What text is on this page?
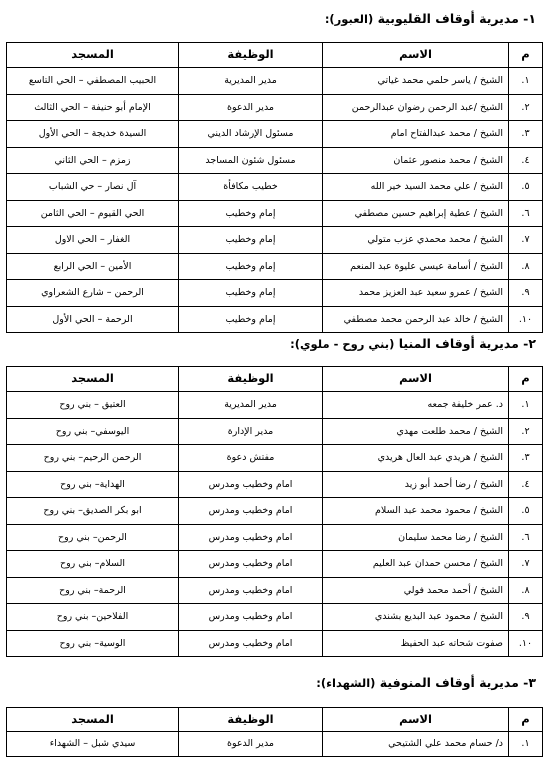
١- مديرية أوقاف القليوبية (العبور):
م	الاسم	الوظيفة	المسجد
١.	الشيخ / ياسر حلمي محمد غياتي	مدير المديرية	الحبيب المصطفي – الحي التاسع
٢.	الشيخ /عبد الرحمن رضوان عبدالرحمن	مدير الدعوة	الإمام أبو حنيفة – الحي الثالث
٣.	الشيخ / محمد عبدالفتاح امام	مسئول الإرشاد الديني	السيدة خديجة – الحي الأول
٤.	الشيخ / محمد منصور عثمان	مسئول شئون المساجد	زمزم – الحي الثاني
٥.	الشيخ / علي محمد السيد خير الله	خطيب مكافأة	آل نصار – حي الشباب
٦.	الشيخ / عطية إبراهيم حسين مصطفي	إمام وخطيب	الحي القيوم – الحي الثامن
٧.	الشيخ / محمد محمدي عزب متولي	إمام وخطيب	الغفار – الحي الاول
٨.	الشيخ / أسامة عيسي عليوة عبد المنعم	إمام وخطيب	الأمين – الحي الرابع
٩.	الشيخ / عمرو سعيد عبد العزيز محمد	إمام وخطيب	الرحمن – شارع الشعراوي
١٠.	الشيخ / خالد عبد الرحمن محمد مصطفي	إمام وخطيب	الرحمة – الحي الأول
٢- مديرية أوقاف المنيا (بني روح - ملوي):
م	الاسم	الوظيفة	المسجد
١.	د. عمر خليفة جمعه	مدير المديرية	العتيق – بني روح
٢.	الشيخ / محمد طلعت مهدي	مدير الإدارة	اليوسفي– بني روح
٣.	الشيخ / هريدي عبد العال هريدي	مفتش دعوة	الرحمن الرحيم– بني روح
٤.	الشيخ / رضا أحمد أبو زيد	امام وخطيب ومدرس	الهداية– بني روح
٥.	الشيخ / محمود محمد عبد السلام	امام وخطيب ومدرس	ابو بكر الصديق– بني روح
٦.	الشيخ / رضا محمد سليمان	امام وخطيب ومدرس	الرحمن– بني روح
٧.	الشيخ / محسن حمدان عبد العليم	امام وخطيب ومدرس	السلام– بني روح
٨.	الشيخ / أحمد محمد فولي	امام وخطيب ومدرس	الرحمة– بني روح
٩.	الشيخ / محمود عبد البديع بشندي	امام وخطيب ومدرس	الفلاحين– بني روح
١٠.	صفوت شحاته عبد الحفيظ	امام وخطيب ومدرس	الوسية– بني روح
٣- مديرية أوقاف المنوفية (الشهداء):
م	الاسم	الوظيفة	المسجد
١.	د/ حسام محمد علي الشتيحي	مدير الدعوة	سيدي شبل – الشهداء
